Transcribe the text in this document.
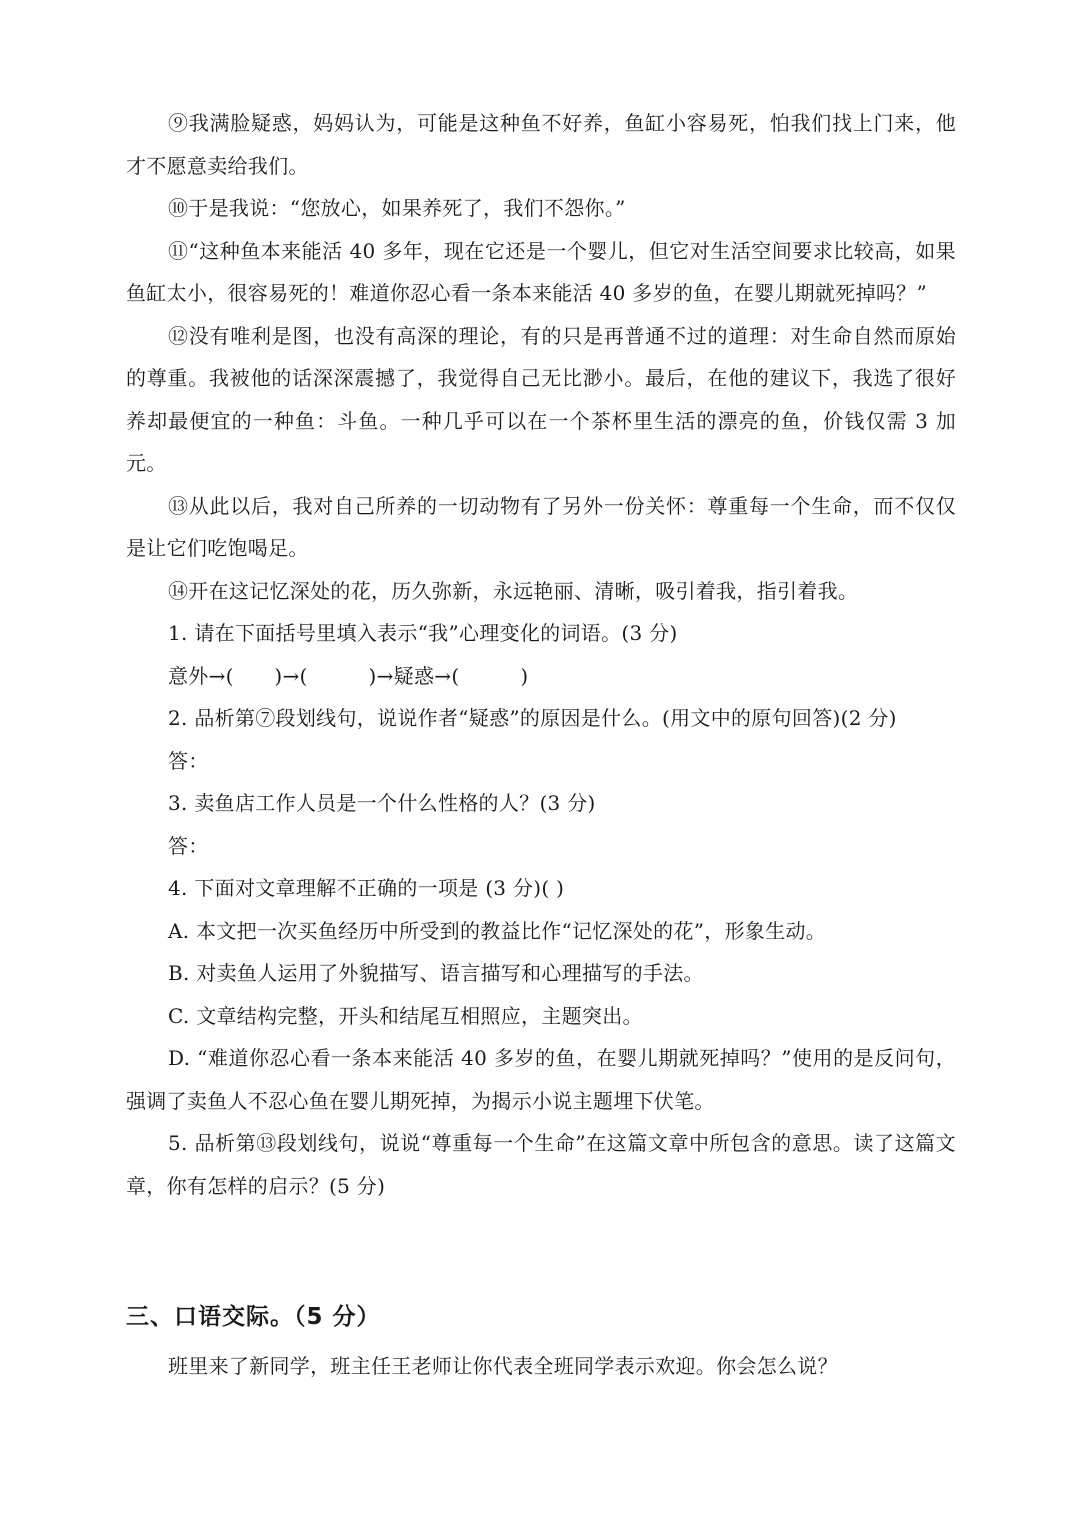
⑨我满脸疑惑，妈妈认为，可能是这种鱼不好养，鱼缸小容易死，怕我们找上门来，他才不愿意卖给我们。

⑩于是我说：“您放心，如果养死了，我们不怨你。”

⑪“这种鱼本来能活 40 多年，现在它还是一个婴儿，但它对生活空间要求比较高，如果鱼缸太小，很容易死的！难道你忍心看一条本来能活 40 多岁的鱼，在婴儿期就死掉吗？”

⑫没有唯利是图，也没有高深的理论，有的只是再普通不过的道理：对生命自然而原始的尊重。我被他的话深深震撼了，我觉得自己无比渺小。最后，在他的建议下，我选了很好养却最便宜的一种鱼：斗鱼。一种几乎可以在一个茶杯里生活的漂亮的鱼，价钱仅需 3 加元。

⑬从此以后，我对自己所养的一切动物有了另外一份关怀：尊重每一个生命，而不仅仅是让它们吃饱喝足。

⑭开在这记忆深处的花，历久弥新，永远艳丽、清晰，吸引着我，指引着我。

1. 请在下面括号里填入表示“我”心理变化的词语。(3 分)

意外→(　　)→(　　　)→疑惑→(　　　)

2. 品析第⑦段划线句，说说作者“疑惑”的原因是什么。(用文中的原句回答)(2 分)

答：

3. 卖鱼店工作人员是一个什么性格的人？(3 分)

答：

4. 下面对文章理解不正确的一项是 (3 分)( )

A. 本文把一次买鱼经历中所受到的教益比作“记忆深处的花”，形象生动。

B. 对卖鱼人运用了外貌描写、语言描写和心理描写的手法。

C. 文章结构完整，开头和结尾互相照应，主题突出。

D. “难道你忍心看一条本来能活 40 多岁的鱼，在婴儿期就死掉吗？”使用的是反问句，强调了卖鱼人不忍心鱼在婴儿期死掉，为揭示小说主题埋下伏笔。

5. 品析第⑬段划线句，说说“尊重每一个生命”在这篇文章中所包含的意思。读了这篇文章，你有怎样的启示？(5 分)

三、口语交际。（5 分）

班里来了新同学，班主任王老师让你代表全班同学表示欢迎。你会怎么说？
